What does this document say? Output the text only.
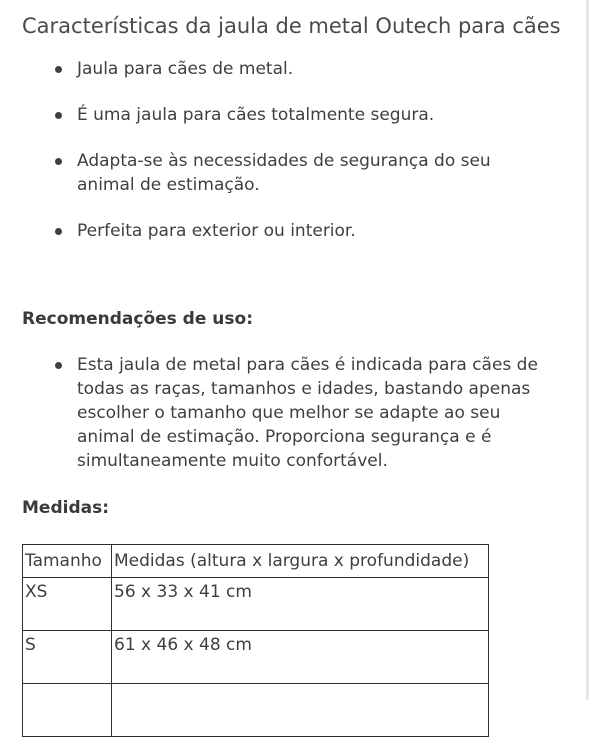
Características da jaula de metal Outech para cães
Jaula para cães de metal.
É uma jaula para cães totalmente segura.
Adapta-se às necessidades de segurança do seu animal de estimação.
Perfeita para exterior ou interior.
Recomendações de uso:
Esta jaula de metal para cães é indicada para cães de todas as raças, tamanhos e idades, bastando apenas escolher o tamanho que melhor se adapte ao seu animal de estimação. Proporciona segurança e é simultaneamente muito confortável.
Medidas:
Tamanho	Medidas (altura x largura x profundidade)
XS	56 x 33 x 41 cm
S	61 x 46 x 48 cm
